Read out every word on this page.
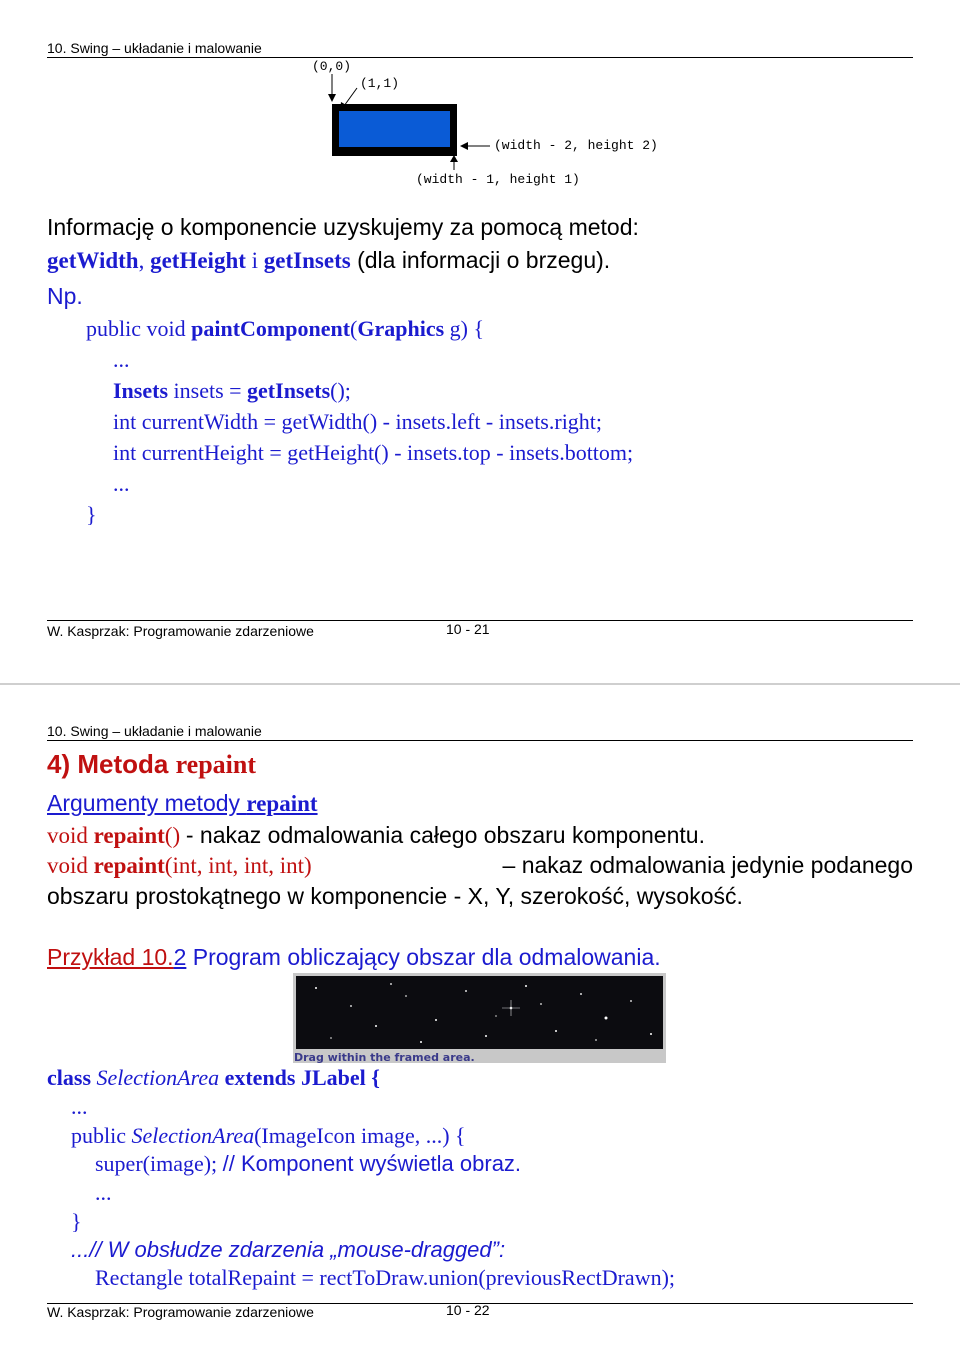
10. Swing – układanie i malowanie
(0,0)
(1,1)
(width - 2, height 2)
(width - 1, height 1)
Informację o komponencie uzyskujemy za pomocą metod:
getWidth, getHeight i getInsets (dla informacji o brzegu).
Np.
public void paintComponent(Graphics g) {
...
Insets insets = getInsets();
int currentWidth = getWidth() - insets.left - insets.right;
int currentHeight = getHeight() - insets.top - insets.bottom;
...
}
W. Kasprzak: Programowanie zdarzeniowe	10 - 21
10. Swing – układanie i malowanie
4) Metoda repaint
Argumenty metody repaint
void repaint() - nakaz odmalowania całego obszaru komponentu.
void repaint(int, int, int, int)	– nakaz odmalowania jedynie podanego
obszaru prostokątnego w komponencie - X, Y, szerokość, wysokość.
Przykład 10.2 Program obliczający obszar dla odmalowania.
Drag within the framed area.
class SelectionArea extends JLabel {
...
public SelectionArea(ImageIcon image, ...) {
super(image); // Komponent wyświetla obraz.
...
}
...// W obsłudze zdarzenia „mouse-dragged”:
Rectangle totalRepaint = rectToDraw.union(previousRectDrawn);
W. Kasprzak: Programowanie zdarzeniowe	10 - 22
